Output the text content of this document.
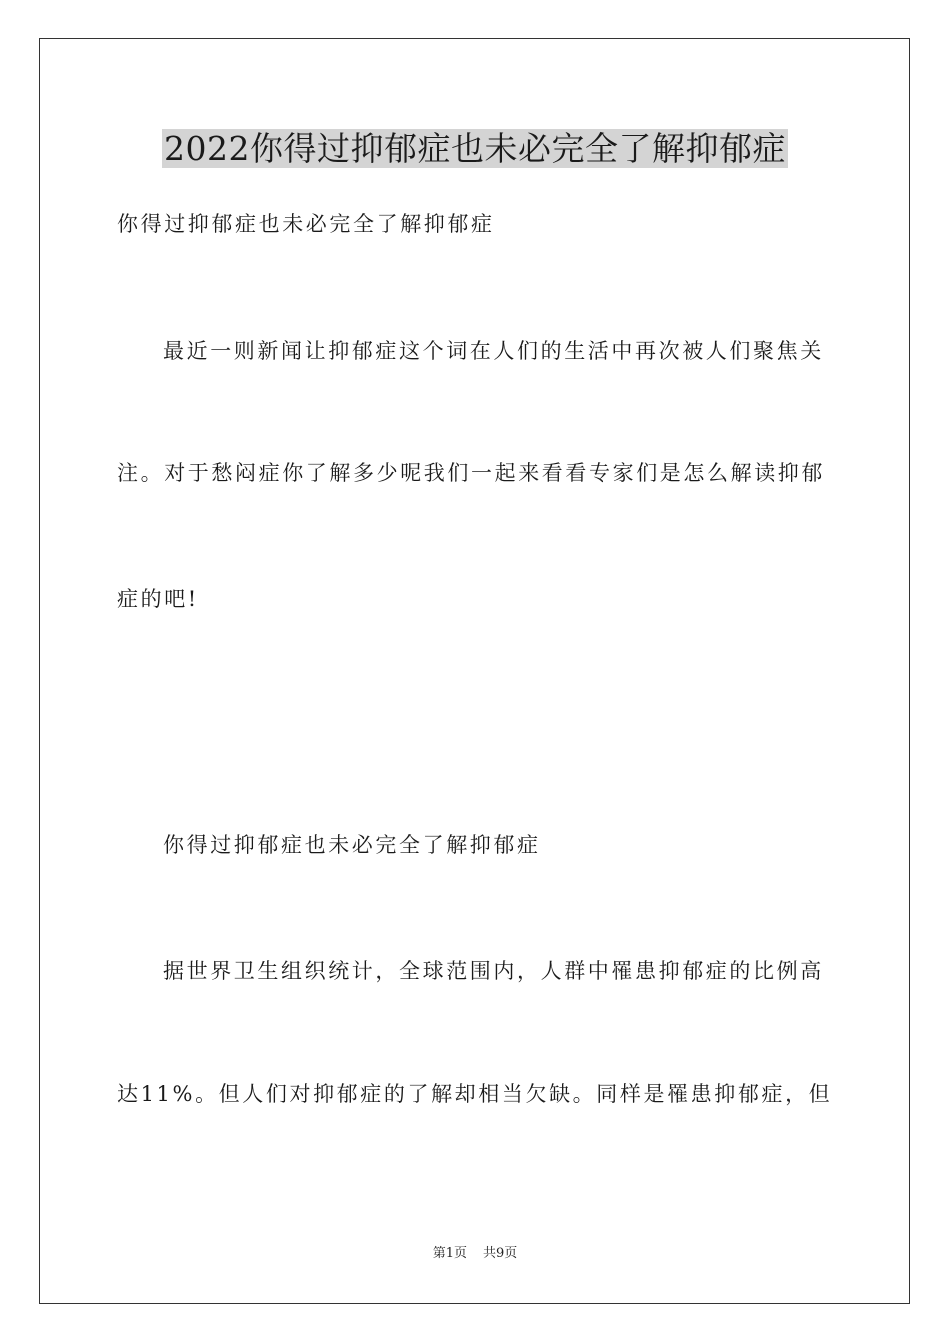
2022你得过抑郁症也未必完全了解抑郁症
你得过抑郁症也未必完全了解抑郁症
最近一则新闻让抑郁症这个词在人们的生活中再次被人们聚焦关
注。对于愁闷症你了解多少呢我们一起来看看专家们是怎么解读抑郁
症的吧!
你得过抑郁症也未必完全了解抑郁症
据世界卫生组织统计，全球范围内，人群中罹患抑郁症的比例高
达11%。但人们对抑郁症的了解却相当欠缺。同样是罹患抑郁症，但
第1页 共9页
